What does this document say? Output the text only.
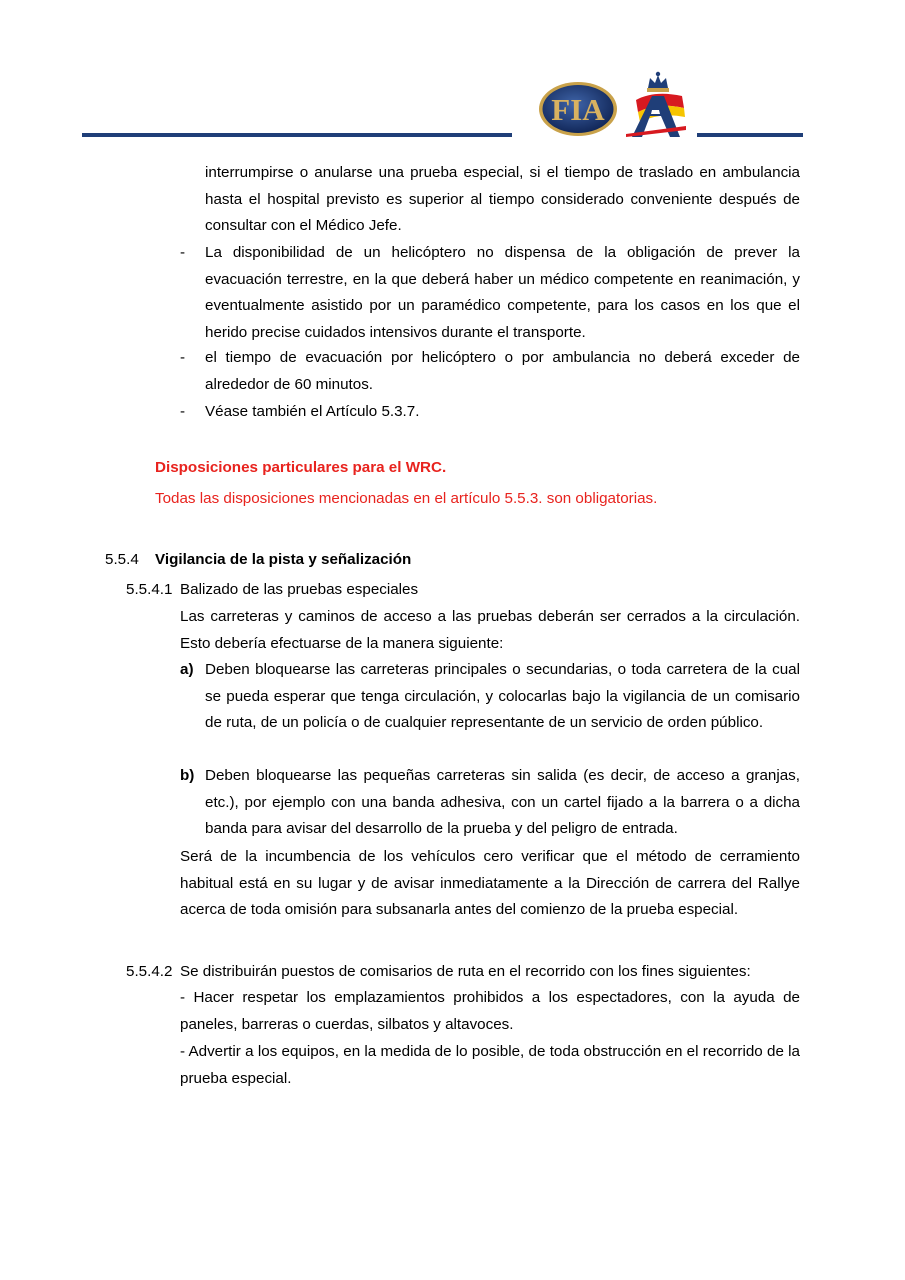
FIA
interrumpirse o anularse una prueba especial, si el tiempo de traslado en ambulancia hasta el hospital previsto es superior al tiempo considerado conveniente después de consultar con el Médico Jefe.
- La disponibilidad de un helicóptero no dispensa de la obligación de prever la evacuación terrestre, en la que deberá haber un médico competente en reanimación, y eventualmente asistido por un paramédico competente, para los casos en los que el herido precise cuidados intensivos durante el transporte.
- el tiempo de evacuación por helicóptero o por ambulancia no deberá exceder de alrededor de 60 minutos.
- Véase también el Artículo 5.3.7.
Disposiciones particulares para el WRC.
Todas las disposiciones mencionadas en el artículo 5.5.3. son obligatorias.
5.5.4 Vigilancia de la pista y señalización
5.5.4.1 Balizado de las pruebas especiales
Las carreteras y caminos de acceso a las pruebas deberán ser cerrados a la circulación. Esto debería efectuarse de la manera siguiente:
a) Deben bloquearse las carreteras principales o secundarias, o toda carretera de la cual se pueda esperar que tenga circulación, y colocarlas bajo la vigilancia de un comisario de ruta, de un policía o de cualquier representante de un servicio de orden público.
b) Deben bloquearse las pequeñas carreteras sin salida (es decir, de acceso a granjas, etc.), por ejemplo con una banda adhesiva, con un cartel fijado a la barrera o a dicha banda para avisar del desarrollo de la prueba y del peligro de entrada.
Será de la incumbencia de los vehículos cero verificar que el método de cerramiento habitual está en su lugar y de avisar inmediatamente a la Dirección de carrera del Rallye acerca de toda omisión para subsanarla antes del comienzo de la prueba especial.
5.5.4.2 Se distribuirán puestos de comisarios de ruta en el recorrido con los fines siguientes:
- Hacer respetar los emplazamientos prohibidos a los espectadores, con la ayuda de paneles, barreras o cuerdas, silbatos y altavoces.
- Advertir a los equipos, en la medida de lo posible, de toda obstrucción en el recorrido de la prueba especial.
